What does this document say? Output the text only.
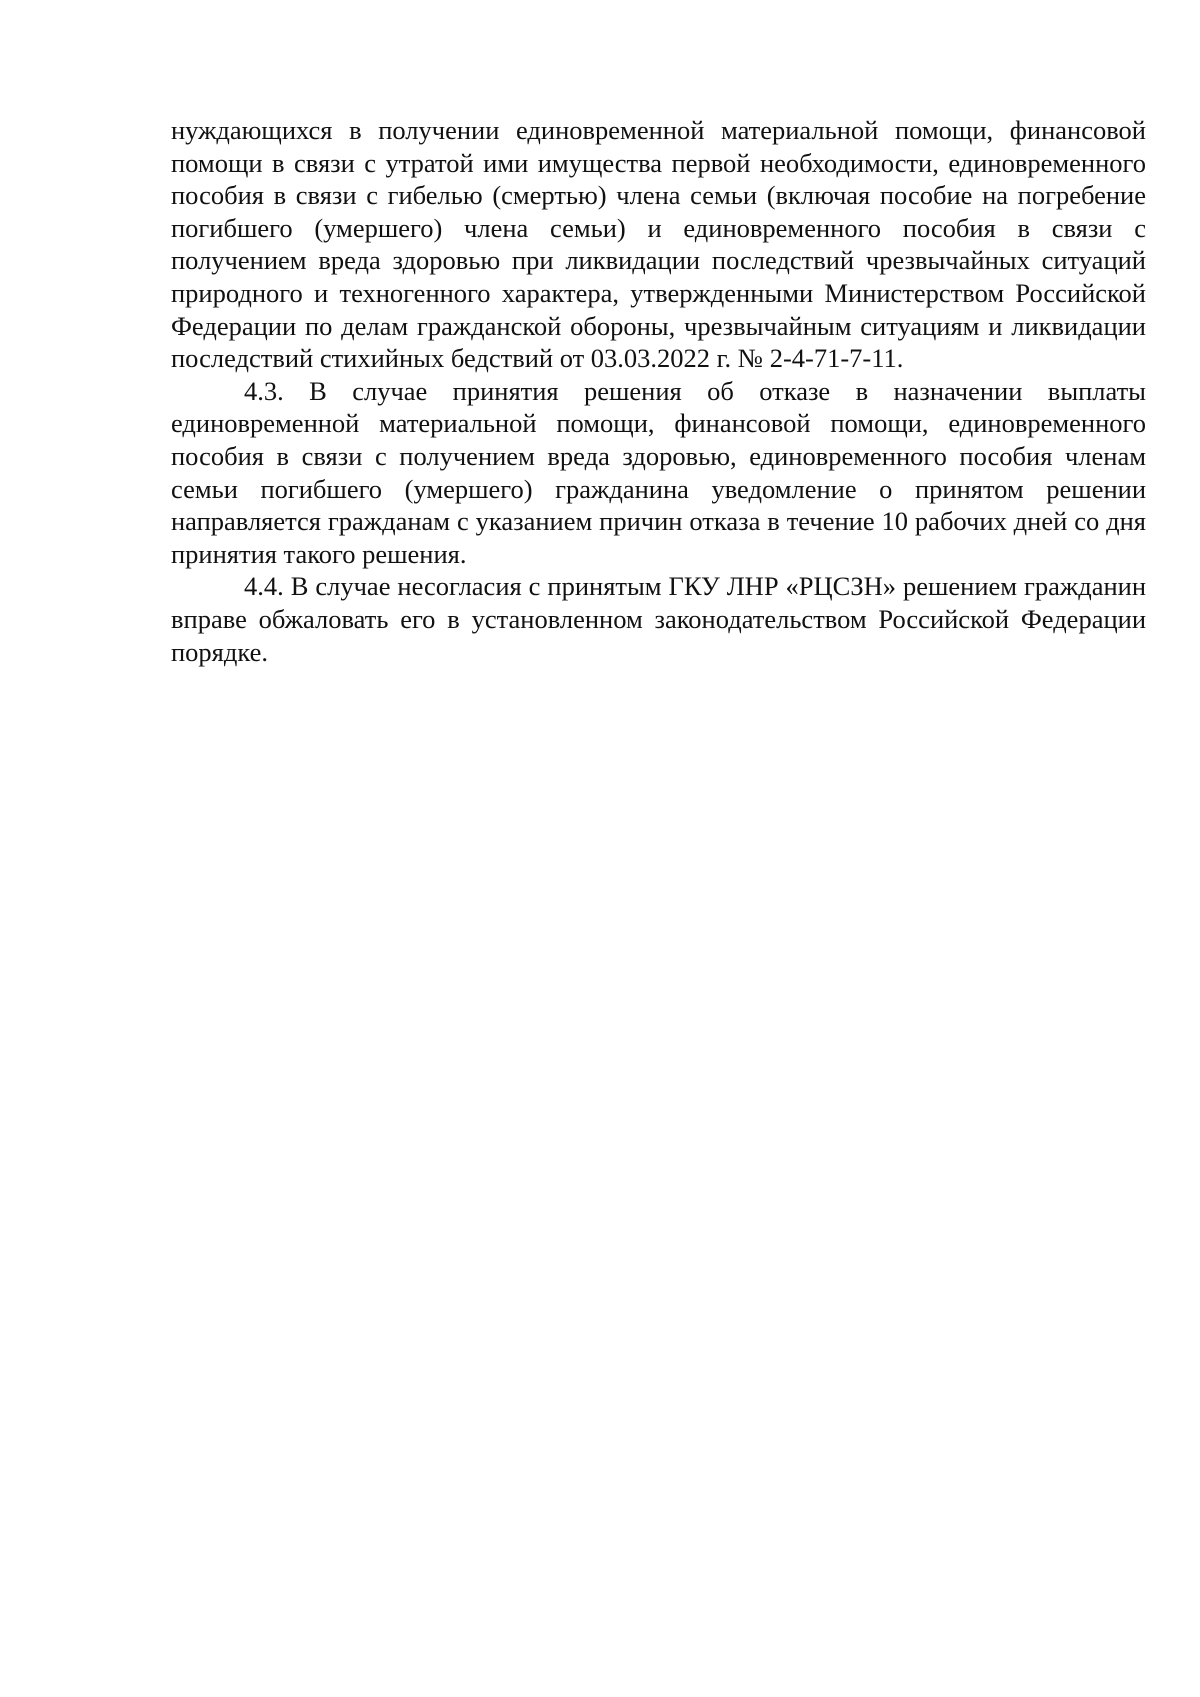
нуждающихся в получении единовременной материальной помощи, финансовой помощи в связи с утратой ими имущества первой необходимости, единовременного пособия в связи с гибелью (смертью) члена семьи (включая пособие на погребение погибшего (умершего) члена семьи) и единовременного пособия в связи с получением вреда здоровью при ликвидации последствий чрезвычайных ситуаций природного и техногенного характера, утвержденными Министерством Российской Федерации по делам гражданской обороны, чрезвычайным ситуациям и ликвидации последствий стихийных бедствий от 03.03.2022 г. № 2-4-71-7-11.

4.3. В случае принятия решения об отказе в назначении выплаты единовременной материальной помощи, финансовой помощи, единовременного пособия в связи с получением вреда здоровью, единовременного пособия членам семьи погибшего (умершего) гражданина уведомление о принятом решении направляется гражданам с указанием причин отказа в течение 10 рабочих дней со дня принятия такого решения.

4.4. В случае несогласия с принятым ГКУ ЛНР «РЦСЗН» решением гражданин вправе обжаловать его в установленном законодательством Российской Федерации порядке.
